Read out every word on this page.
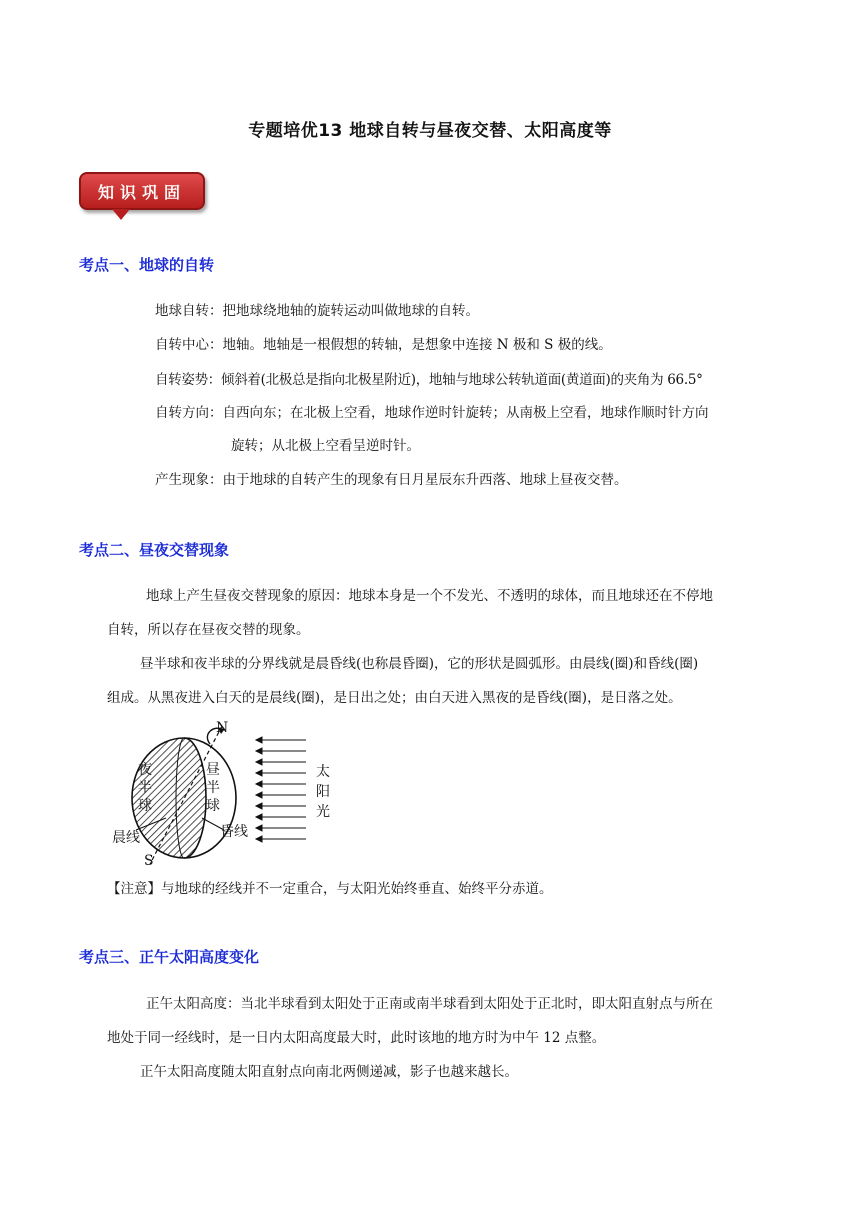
专题培优13 地球自转与昼夜交替、太阳高度等
知识巩固
考点一、地球的自转
地球自转：把地球绕地轴的旋转运动叫做地球的自转。
自转中心：地轴。地轴是一根假想的转轴，是想象中连接 N 极和 S 极的线。
自转姿势：倾斜着(北极总是指向北极星附近)，地轴与地球公转轨道面(黄道面)的夹角为 66.5°
自转方向：自西向东；在北极上空看，地球作逆时针旋转；从南极上空看，地球作顺时针方向
旋转；从北极上空看呈逆时针。
产生现象：由于地球的自转产生的现象有日月星辰东升西落、地球上昼夜交替。
考点二、昼夜交替现象
地球上产生昼夜交替现象的原因：地球本身是一个不发光、不透明的球体，而且地球还在不停地
自转，所以存在昼夜交替的现象。
昼半球和夜半球的分界线就是晨昏线(也称晨昏圈)，它的形状是圆弧形。由晨线(圈)和昏线(圈)
组成。从黑夜进入白天的是晨线(圈)，是日出之处；由白天进入黑夜的是昏线(圈)，是日落之处。
N
S
夜
半
球
昼
半
球
太
阳
光
晨线	昏线
【注意】与地球的经线并不一定重合，与太阳光始终垂直、始终平分赤道。
考点三、正午太阳高度变化
正午太阳高度：当北半球看到太阳处于正南或南半球看到太阳处于正北时，即太阳直射点与所在
地处于同一经线时，是一日内太阳高度最大时，此时该地的地方时为中午 12 点整。
正午太阳高度随太阳直射点向南北两侧递减，影子也越来越长。
